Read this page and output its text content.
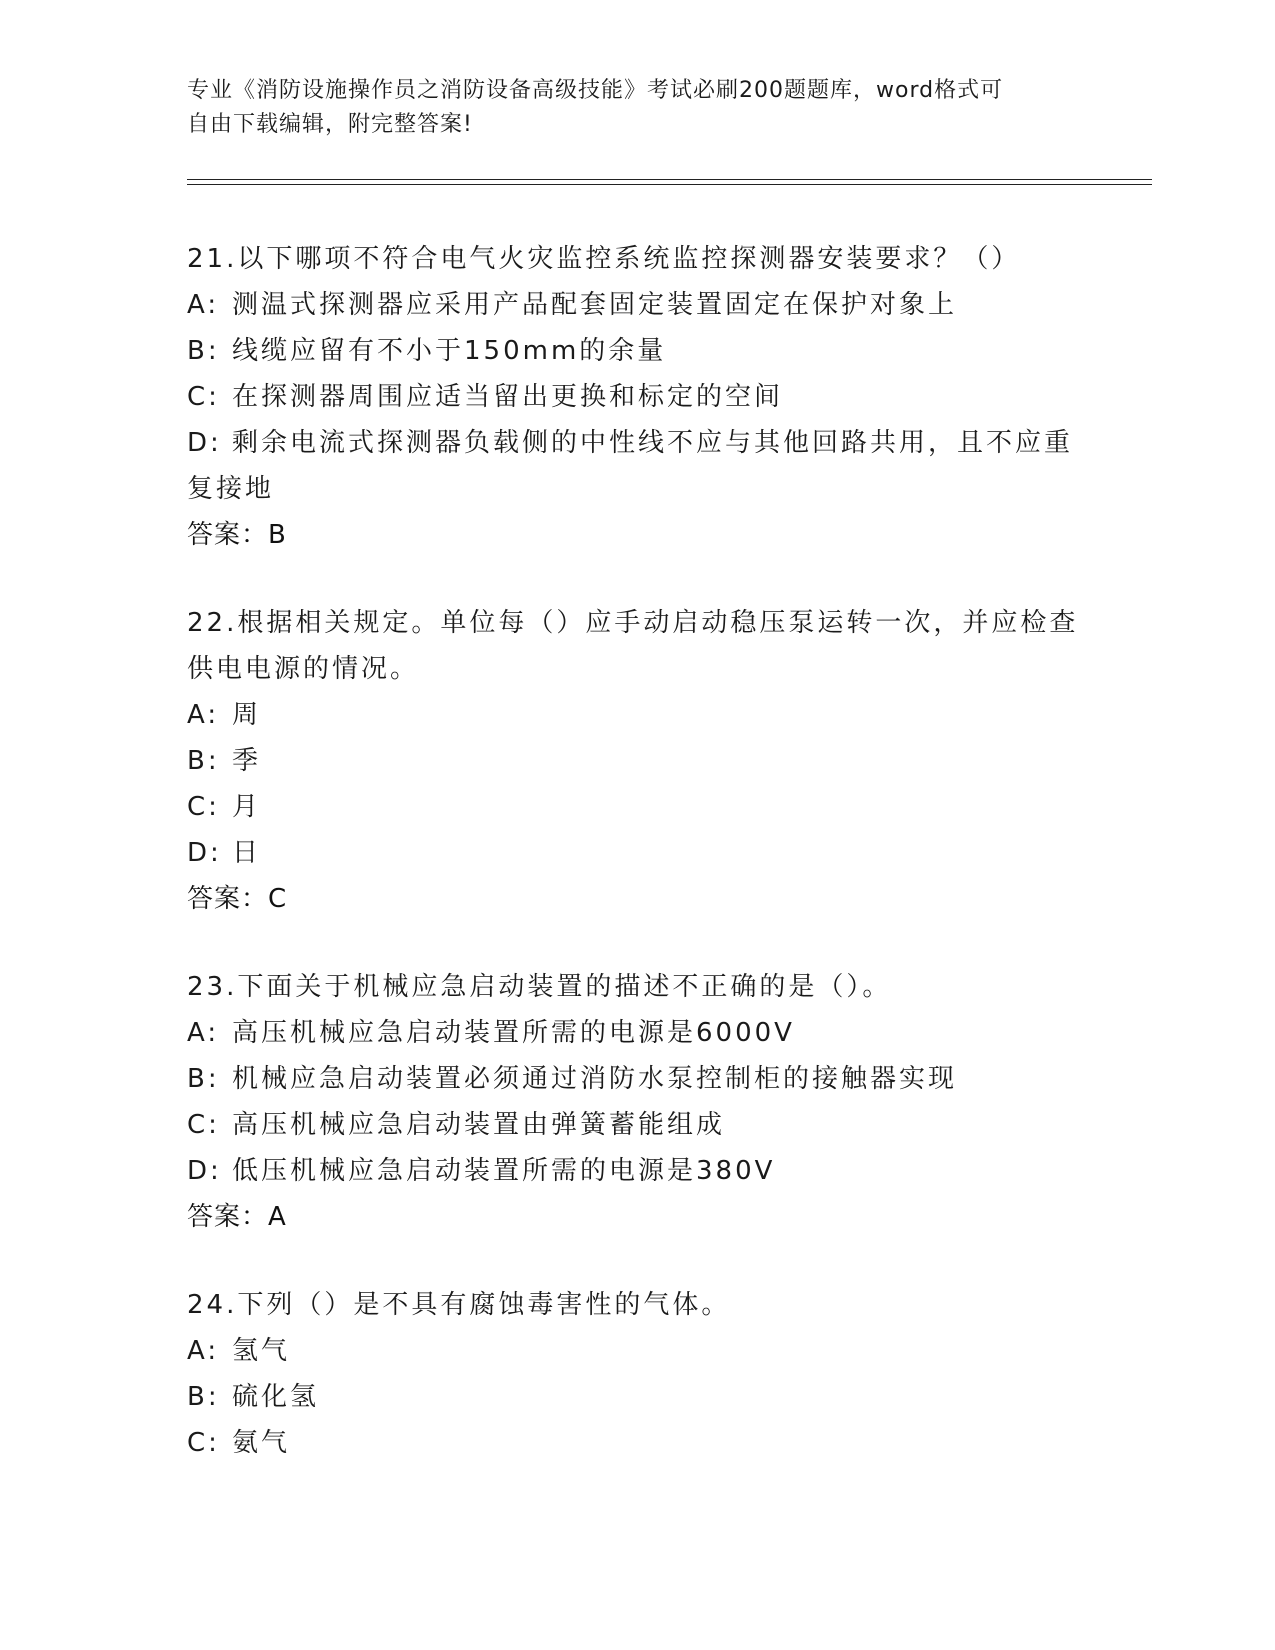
专业《消防设施操作员之消防设备高级技能》考试必刷200题题库，word格式可
自由下载编辑，附完整答案!
21.以下哪项不符合电气火灾监控系统监控探测器安装要求？（）
A: 测温式探测器应采用产品配套固定装置固定在保护对象上
B: 线缆应留有不小于150mm的余量
C: 在探测器周围应适当留出更换和标定的空间
D: 剩余电流式探测器负载侧的中性线不应与其他回路共用，且不应重
复接地
答案：B
22.根据相关规定。单位每（）应手动启动稳压泵运转一次，并应检查
供电电源的情况。
A: 周
B: 季
C: 月
D: 日
答案：C
23.下面关于机械应急启动装置的描述不正确的是（）。
A: 高压机械应急启动装置所需的电源是6000V
B: 机械应急启动装置必须通过消防水泵控制柜的接触器实现
C: 高压机械应急启动装置由弹簧蓄能组成
D: 低压机械应急启动装置所需的电源是380V
答案：A
24.下列（）是不具有腐蚀毒害性的气体。
A: 氢气
B: 硫化氢
C: 氨气
